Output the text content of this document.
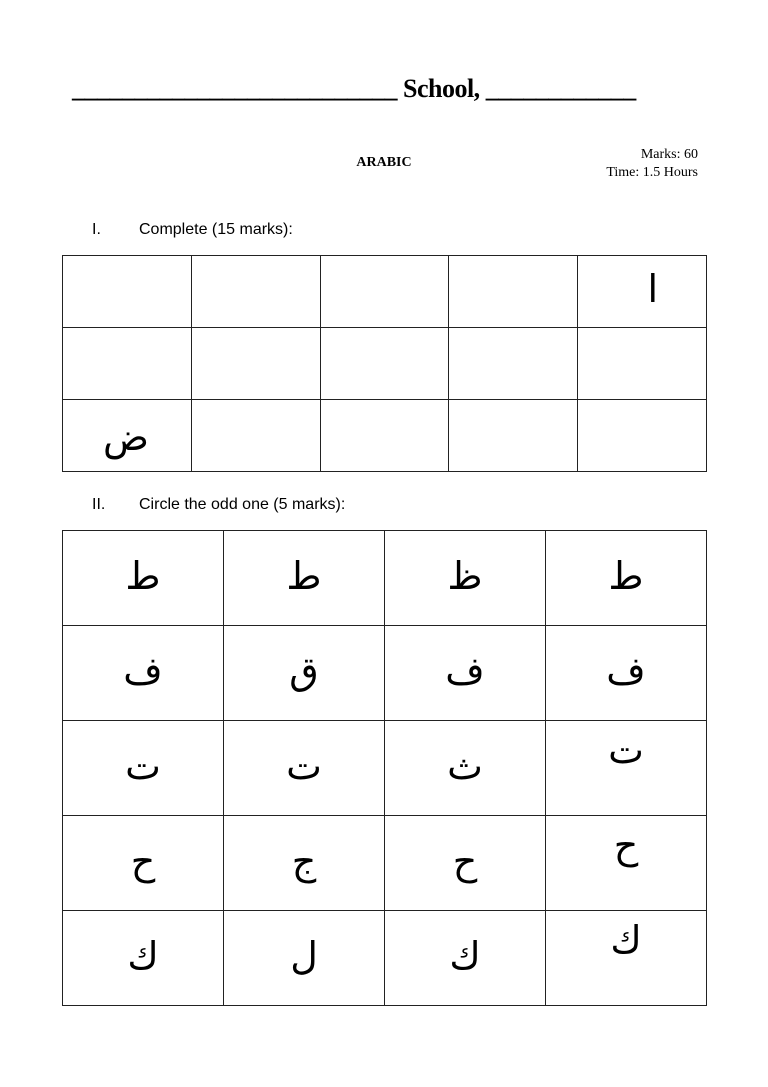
__________________________ School, ____________
ARABIC
Marks: 60
Time: 1.5 Hours
I. Complete (15 marks):

				ا

ض				

II. Circle the odd one (5 marks):
ط	ط	ظ	ط

ف	ق	ف	ف

ت	ت	ث	ت

ح	ج	ح	ح

ك	ل	ك	ك
